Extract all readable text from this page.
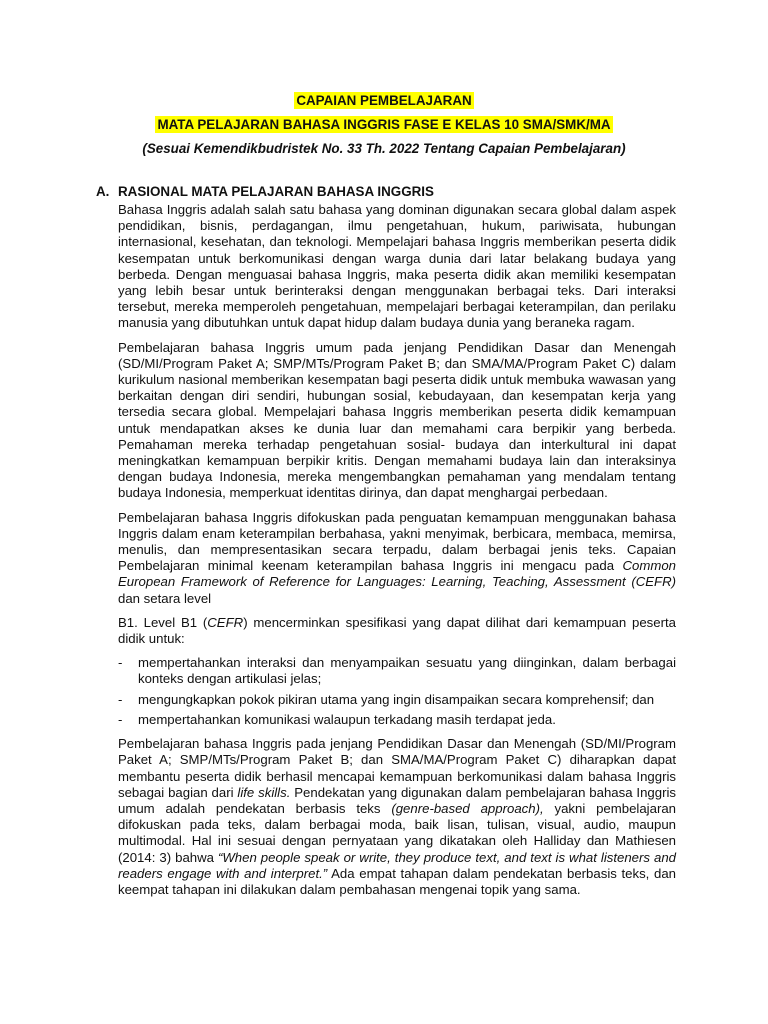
CAPAIAN PEMBELAJARAN
MATA PELAJARAN BAHASA INGGRIS FASE E KELAS 10 SMA/SMK/MA
(Sesuai Kemendikbudristek No. 33 Th. 2022 Tentang Capaian Pembelajaran)
A. RASIONAL MATA PELAJARAN BAHASA INGGRIS

Bahasa Inggris adalah salah satu bahasa yang dominan digunakan secara global dalam aspek pendidikan, bisnis, perdagangan, ilmu pengetahuan, hukum, pariwisata, hubungan internasional, kesehatan, dan teknologi. Mempelajari bahasa Inggris memberikan peserta didik kesempatan untuk berkomunikasi dengan warga dunia dari latar belakang budaya yang berbeda. Dengan menguasai bahasa Inggris, maka peserta didik akan memiliki kesempatan yang lebih besar untuk berinteraksi dengan menggunakan berbagai teks. Dari interaksi tersebut, mereka memperoleh pengetahuan, mempelajari berbagai keterampilan, dan perilaku manusia yang dibutuhkan untuk dapat hidup dalam budaya dunia yang beraneka ragam.

Pembelajaran bahasa Inggris umum pada jenjang Pendidikan Dasar dan Menengah (SD/MI/Program Paket A; SMP/MTs/Program Paket B; dan SMA/MA/Program Paket C) dalam kurikulum nasional memberikan kesempatan bagi peserta didik untuk membuka wawasan yang berkaitan dengan diri sendiri, hubungan sosial, kebudayaan, dan kesempatan kerja yang tersedia secara global. Mempelajari bahasa Inggris memberikan peserta didik kemampuan untuk mendapatkan akses ke dunia luar dan memahami cara berpikir yang berbeda. Pemahaman mereka terhadap pengetahuan sosial- budaya dan interkultural ini dapat meningkatkan kemampuan berpikir kritis. Dengan memahami budaya lain dan interaksinya dengan budaya Indonesia, mereka mengembangkan pemahaman yang mendalam tentang budaya Indonesia, memperkuat identitas dirinya, dan dapat menghargai perbedaan.

Pembelajaran bahasa Inggris difokuskan pada penguatan kemampuan menggunakan bahasa Inggris dalam enam keterampilan berbahasa, yakni menyimak, berbicara, membaca, memirsa, menulis, dan mempresentasikan secara terpadu, dalam berbagai jenis teks. Capaian Pembelajaran minimal keenam keterampilan bahasa Inggris ini mengacu pada Common European Framework of Reference for Languages: Learning, Teaching, Assessment (CEFR) dan setara level

B1. Level B1 (CEFR) mencerminkan spesifikasi yang dapat dilihat dari kemampuan peserta didik untuk:

- mempertahankan interaksi dan menyampaikan sesuatu yang diinginkan, dalam berbagai konteks dengan artikulasi jelas;
- mengungkapkan pokok pikiran utama yang ingin disampaikan secara komprehensif; dan
- mempertahankan komunikasi walaupun terkadang masih terdapat jeda.

Pembelajaran bahasa Inggris pada jenjang Pendidikan Dasar dan Menengah (SD/MI/Program Paket A; SMP/MTs/Program Paket B; dan SMA/MA/Program Paket C) diharapkan dapat membantu peserta didik berhasil mencapai kemampuan berkomunikasi dalam bahasa Inggris sebagai bagian dari life skills. Pendekatan yang digunakan dalam pembelajaran bahasa Inggris umum adalah pendekatan berbasis teks (genre-based approach), yakni pembelajaran difokuskan pada teks, dalam berbagai moda, baik lisan, tulisan, visual, audio, maupun multimodal. Hal ini sesuai dengan pernyataan yang dikatakan oleh Halliday dan Mathiesen (2014: 3) bahwa “When people speak or write, they produce text, and text is what listeners and readers engage with and interpret.” Ada empat tahapan dalam pendekatan berbasis teks, dan keempat tahapan ini dilakukan dalam pembahasan mengenai topik yang sama.
